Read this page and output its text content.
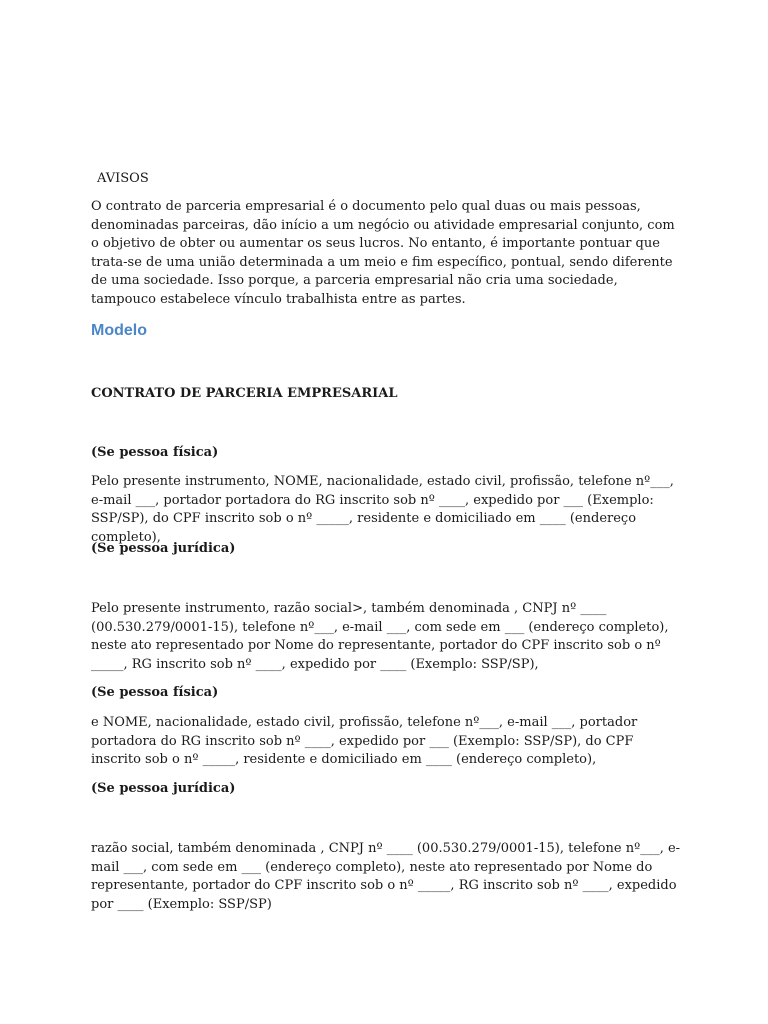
AVISOS

O contrato de parceria empresarial é o documento pelo qual duas ou mais pessoas, denominadas parceiras, dão início a um negócio ou atividade empresarial conjunto, com o objetivo de obter ou aumentar os seus lucros. No entanto, é importante pontuar que trata-se de uma união determinada a um meio e fim específico, pontual, sendo diferente de uma sociedade. Isso porque, a parceria empresarial não cria uma sociedade, tampouco estabelece vínculo trabalhista entre as partes.

Modelo

CONTRATO DE PARCERIA EMPRESARIAL

(Se pessoa física)

Pelo presente instrumento, NOME, nacionalidade, estado civil, profissão, telefone nº___, e-mail ___, portador portadora do RG inscrito sob nº ____, expedido por ___ (Exemplo: SSP/SP), do CPF inscrito sob o nº _____, residente e domiciliado em ____ (endereço completo),

(Se pessoa jurídica)

Pelo presente instrumento, razão social>, também denominada , CNPJ nº ____ (00.530.279/0001-15), telefone nº___, e-mail ___, com sede em ___ (endereço completo), neste ato representado por Nome do representante, portador do CPF inscrito sob o nº _____, RG inscrito sob nº ____, expedido por ____ (Exemplo: SSP/SP),

(Se pessoa física)

e NOME, nacionalidade, estado civil, profissão, telefone nº___, e-mail ___, portador portadora do RG inscrito sob nº ____, expedido por ___ (Exemplo: SSP/SP), do CPF inscrito sob o nº _____, residente e domiciliado em ____ (endereço completo),

(Se pessoa jurídica)

razão social, também denominada , CNPJ nº ____ (00.530.279/0001-15), telefone nº___, e-mail ___, com sede em ___ (endereço completo), neste ato representado por Nome do representante, portador do CPF inscrito sob o nº _____, RG inscrito sob nº ____, expedido por ____ (Exemplo: SSP/SP)
